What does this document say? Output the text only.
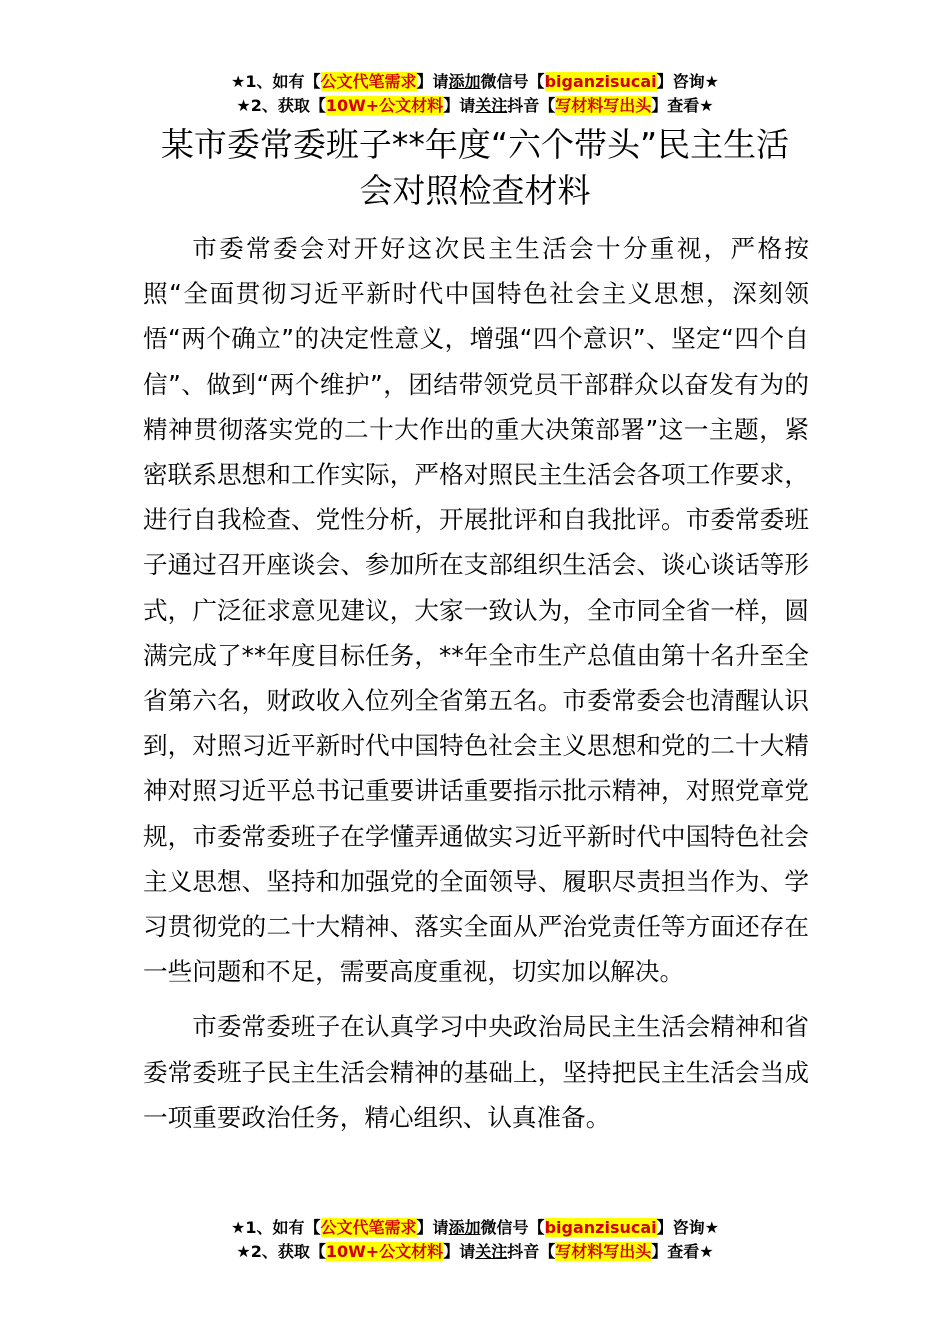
★1、如有【公文代笔需求】请添加微信号【biganzisucai】咨询★
★2、获取【10W+公文材料】请关注抖音【写材料写出头】查看★
某市委常委班子**年度“六个带头”民主生活会对照检查材料

市委常委会对开好这次民主生活会十分重视，严格按照“全面贯彻习近平新时代中国特色社会主义思想，深刻领悟“两个确立”的决定性意义，增强“四个意识”、坚定“四个自信”、做到“两个维护”，团结带领党员干部群众以奋发有为的精神贯彻落实党的二十大作出的重大决策部署”这一主题，紧密联系思想和工作实际，严格对照民主生活会各项工作要求，进行自我检查、党性分析，开展批评和自我批评。市委常委班子通过召开座谈会、参加所在支部组织生活会、谈心谈话等形式，广泛征求意见建议，大家一致认为，全市同全省一样，圆满完成了**年度目标任务，**年全市生产总值由第十名升至全省第六名，财政收入位列全省第五名。市委常委会也清醒认识到，对照习近平新时代中国特色社会主义思想和党的二十大精神对照习近平总书记重要讲话重要指示批示精神，对照党章党规，市委常委班子在学懂弄通做实习近平新时代中国特色社会主义思想、坚持和加强党的全面领导、履职尽责担当作为、学习贯彻党的二十大精神、落实全面从严治党责任等方面还存在一些问题和不足，需要高度重视，切实加以解决。

市委常委班子在认真学习中央政治局民主生活会精神和省委常委班子民主生活会精神的基础上，坚持把民主生活会当成一项重要政治任务，精心组织、认真准备。

★1、如有【公文代笔需求】请添加微信号【biganzisucai】咨询★
★2、获取【10W+公文材料】请关注抖音【写材料写出头】查看★
